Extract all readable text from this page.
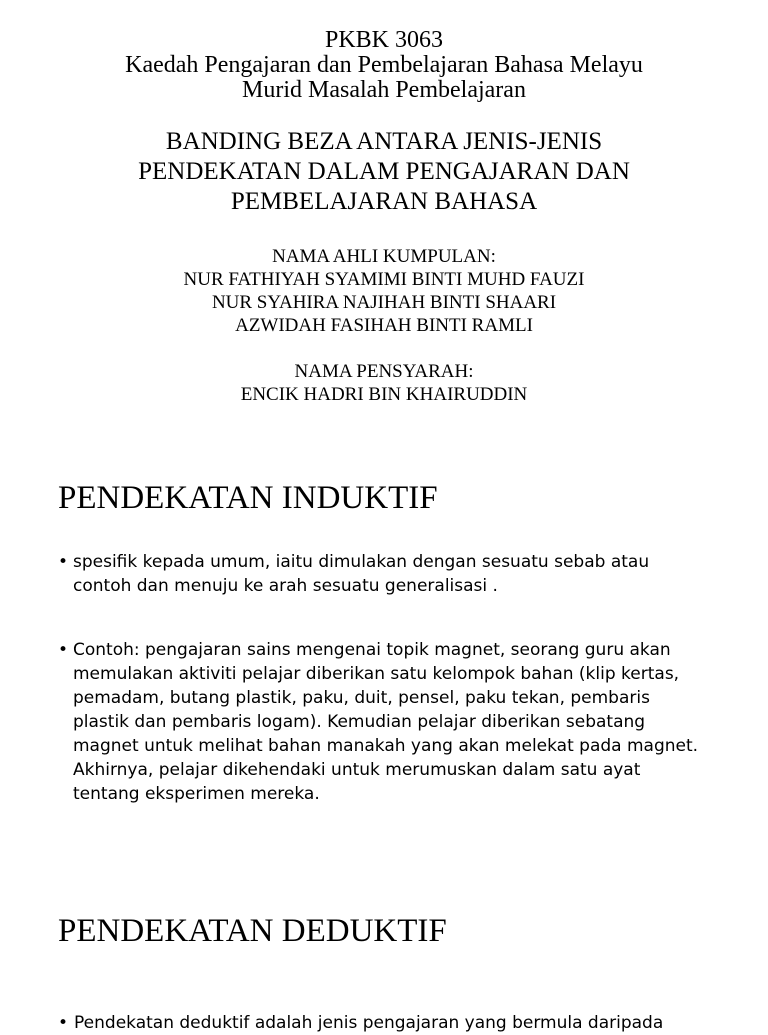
PKBK 3063
Kaedah Pengajaran dan Pembelajaran Bahasa Melayu
Murid Masalah Pembelajaran
BANDING BEZA ANTARA JENIS-JENIS
PENDEKATAN DALAM PENGAJARAN DAN
PEMBELAJARAN BAHASA
NAMA AHLI KUMPULAN:
NUR FATHIYAH SYAMIMI BINTI MUHD FAUZI
NUR SYAHIRA NAJIHAH BINTI SHAARI
AZWIDAH FASIHAH BINTI RAMLI
NAMA PENSYARAH:
ENCIK HADRI BIN KHAIRUDDIN
PENDEKATAN INDUKTIF
• spesifik kepada umum, iaitu dimulakan dengan sesuatu sebab atau contoh dan menuju ke arah sesuatu generalisasi .
• Contoh: pengajaran sains mengenai topik magnet, seorang guru akan memulakan aktiviti pelajar diberikan satu kelompok bahan (klip kertas, pemadam, butang plastik, paku, duit, pensel, paku tekan, pembaris plastik dan pembaris logam). Kemudian pelajar diberikan sebatang magnet untuk melihat bahan manakah yang akan melekat pada magnet. Akhirnya, pelajar dikehendaki untuk merumuskan dalam satu ayat tentang eksperimen mereka.
PENDEKATAN DEDUKTIF
• Pendekatan deduktif adalah jenis pengajaran yang bermula daripada
